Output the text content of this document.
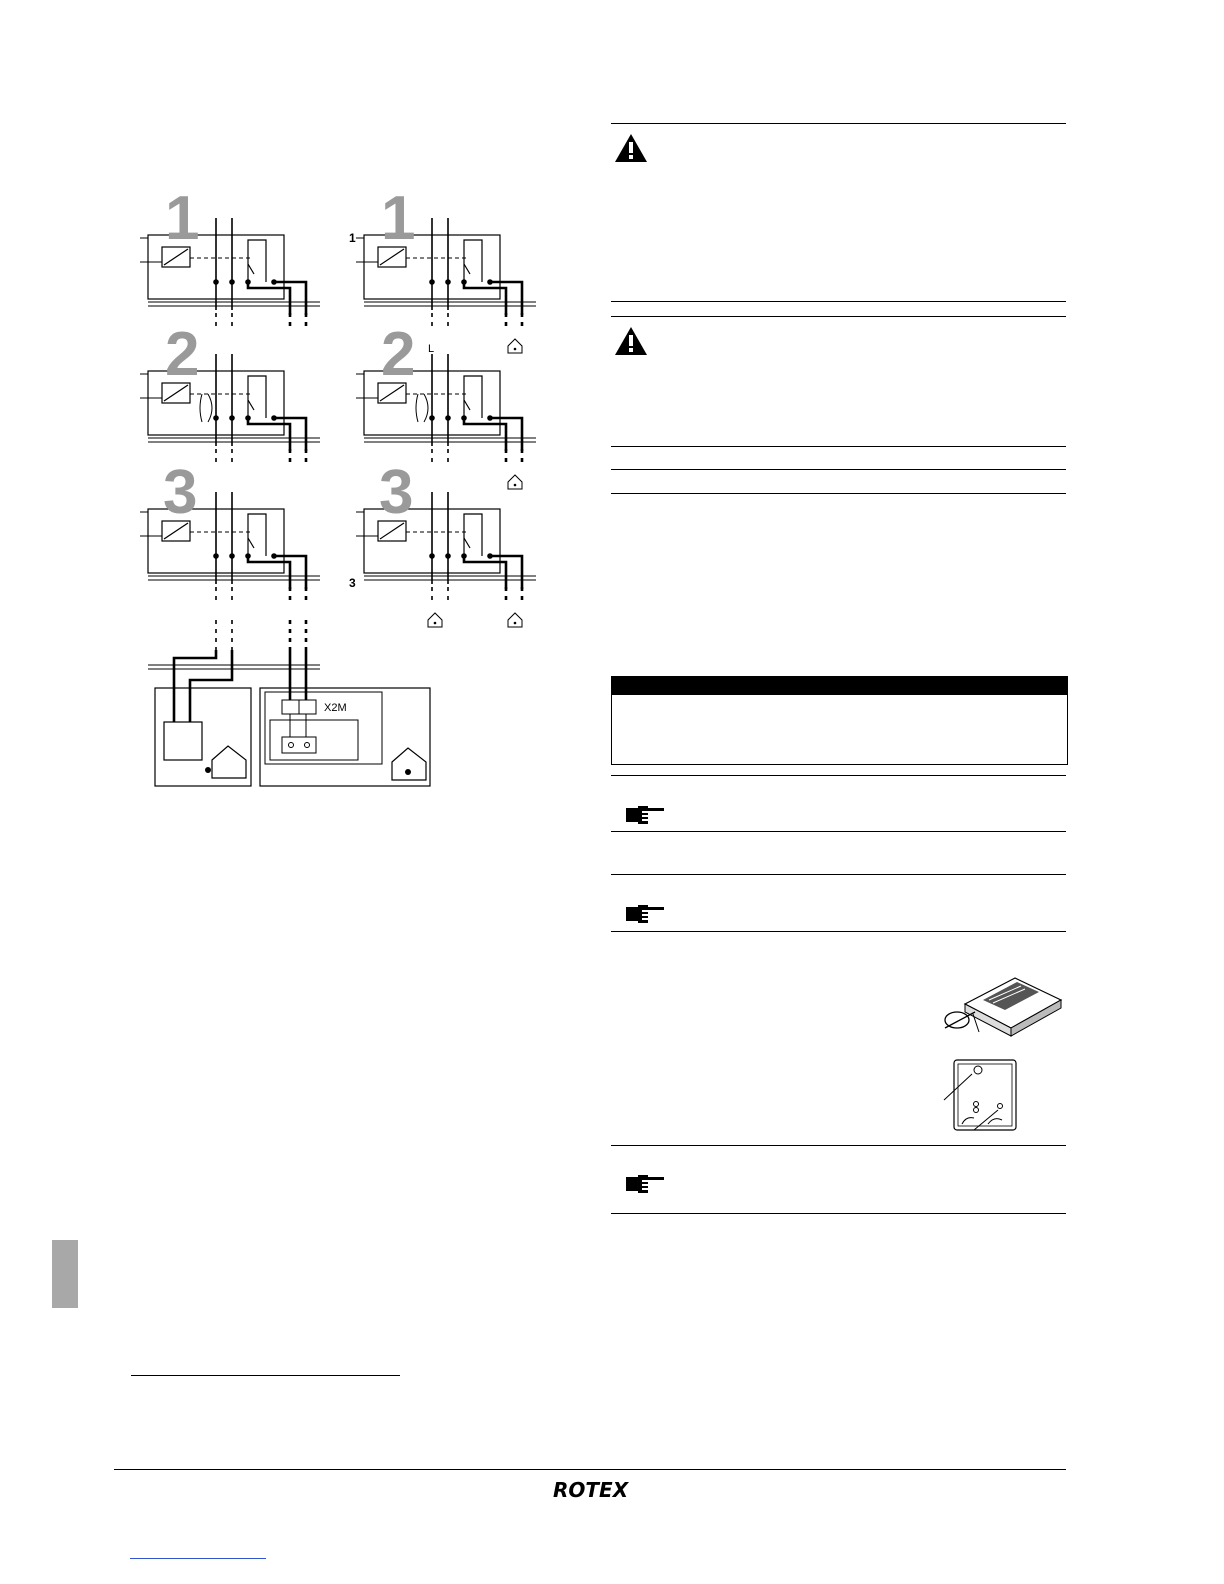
X2M
1	1
2	2
3	3
1
3
L
ROTEX
